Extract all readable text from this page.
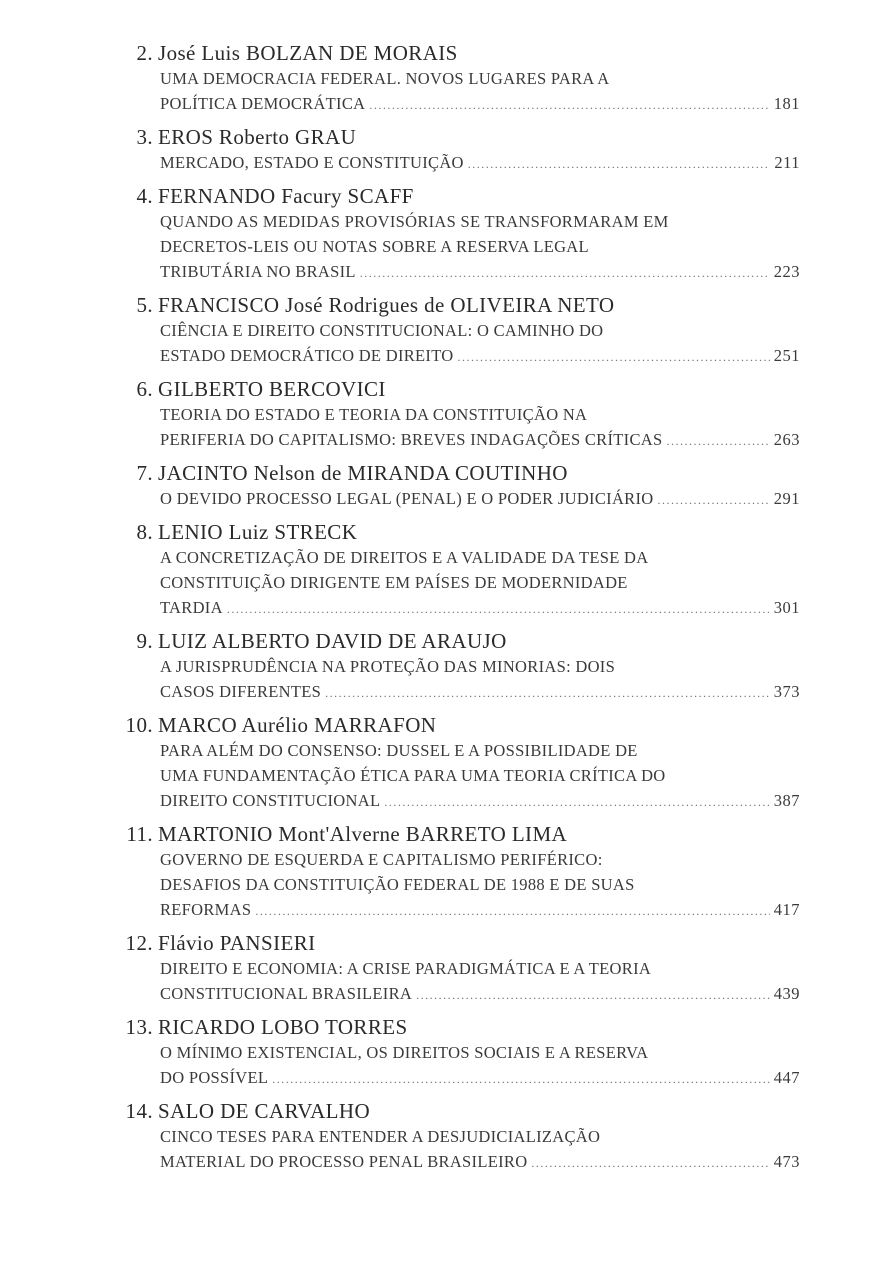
2. José Luis BOLZAN DE MORAIS
UMA DEMOCRACIA FEDERAL. NOVOS LUGARES PARA A
POLÍTICA DEMOCRÁTICA .....	181
3. EROS Roberto GRAU
MERCADO, ESTADO E CONSTITUIÇÃO .....	211
4. FERNANDO Facury SCAFF
QUANDO AS MEDIDAS PROVISÓRIAS SE TRANSFORMARAM EM
DECRETOS-LEIS OU NOTAS SOBRE A RESERVA LEGAL
TRIBUTÁRIA NO BRASIL .....	223
5. FRANCISCO José Rodrigues de OLIVEIRA NETO
CIÊNCIA E DIREITO CONSTITUCIONAL: O CAMINHO DO
ESTADO DEMOCRÁTICO DE DIREITO .....	251
6. GILBERTO BERCOVICI
TEORIA DO ESTADO E TEORIA DA CONSTITUIÇÃO NA
PERIFERIA DO CAPITALISMO: BREVES INDAGAÇÕES CRÍTICAS .....	263
7. JACINTO Nelson de MIRANDA COUTINHO
O DEVIDO PROCESSO LEGAL (PENAL) E O PODER JUDICIÁRIO .....	291
8. LENIO Luiz STRECK
A CONCRETIZAÇÃO DE DIREITOS E A VALIDADE DA TESE DA
CONSTITUIÇÃO DIRIGENTE EM PAÍSES DE MODERNIDADE
TARDIA .....	301
9. LUIZ ALBERTO DAVID DE ARAUJO
A JURISPRUDÊNCIA NA PROTEÇÃO DAS MINORIAS: DOIS
CASOS DIFERENTES .....	373
10. MARCO Aurélio MARRAFON
PARA ALÉM DO CONSENSO: DUSSEL E A POSSIBILIDADE DE
UMA FUNDAMENTAÇÃO ÉTICA PARA UMA TEORIA CRÍTICA DO
DIREITO CONSTITUCIONAL .....	387
11. MARTONIO Mont'Alverne BARRETO LIMA
GOVERNO DE ESQUERDA E CAPITALISMO PERIFÉRICO:
DESAFIOS DA CONSTITUIÇÃO FEDERAL DE 1988 E DE SUAS
REFORMAS .....	417
12. Flávio PANSIERI
DIREITO E ECONOMIA: A CRISE PARADIGMÁTICA E A TEORIA
CONSTITUCIONAL BRASILEIRA .....	439
13. RICARDO LOBO TORRES
O MÍNIMO EXISTENCIAL, OS DIREITOS SOCIAIS E A RESERVA
DO POSSÍVEL .....	447
14. SALO DE CARVALHO
CINCO TESES PARA ENTENDER A DESJUDICIALIZAÇÃO
MATERIAL DO PROCESSO PENAL BRASILEIRO .....	473
